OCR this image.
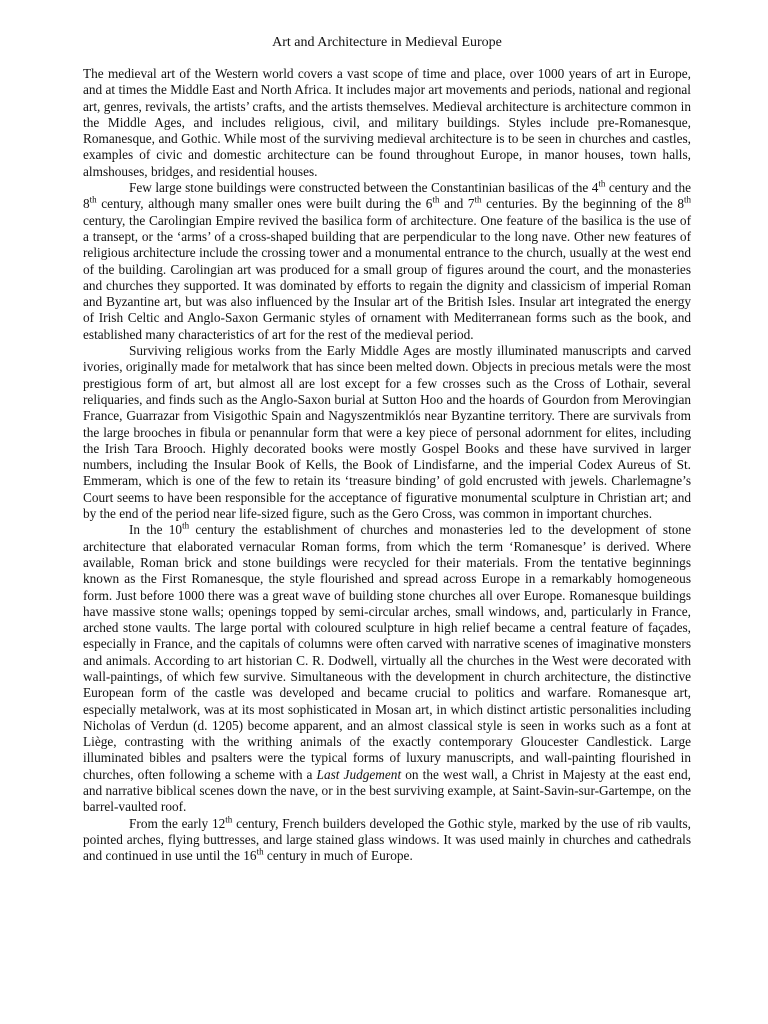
Art and Architecture in Medieval Europe

The medieval art of the Western world covers a vast scope of time and place, over 1000 years of art in Europe, and at times the Middle East and North Africa. It includes major art movements and periods, national and regional art, genres, revivals, the artists’ crafts, and the artists themselves. Medieval architecture is architecture common in the Middle Ages, and includes religious, civil, and military buildings. Styles include pre-Romanesque, Romanesque, and Gothic. While most of the surviving medieval architecture is to be seen in churches and castles, examples of civic and domestic architecture can be found throughout Europe, in manor houses, town halls, almshouses, bridges, and residential houses.

Few large stone buildings were constructed between the Constantinian basilicas of the 4th century and the 8th century, although many smaller ones were built during the 6th and 7th centuries. By the beginning of the 8th century, the Carolingian Empire revived the basilica form of architecture. One feature of the basilica is the use of a transept, or the ‘arms’ of a cross-shaped building that are perpendicular to the long nave. Other new features of religious architecture include the crossing tower and a monumental entrance to the church, usually at the west end of the building. Carolingian art was produced for a small group of figures around the court, and the monasteries and churches they supported. It was dominated by efforts to regain the dignity and classicism of imperial Roman and Byzantine art, but was also influenced by the Insular art of the British Isles. Insular art integrated the energy of Irish Celtic and Anglo-Saxon Germanic styles of ornament with Mediterranean forms such as the book, and established many characteristics of art for the rest of the medieval period.

Surviving religious works from the Early Middle Ages are mostly illuminated manuscripts and carved ivories, originally made for metalwork that has since been melted down. Objects in precious metals were the most prestigious form of art, but almost all are lost except for a few crosses such as the Cross of Lothair, several reliquaries, and finds such as the Anglo-Saxon burial at Sutton Hoo and the hoards of Gourdon from Merovingian France, Guarrazar from Visigothic Spain and Nagyszentmiklós near Byzantine territory. There are survivals from the large brooches in fibula or penannular form that were a key piece of personal adornment for elites, including the Irish Tara Brooch. Highly decorated books were mostly Gospel Books and these have survived in larger numbers, including the Insular Book of Kells, the Book of Lindisfarne, and the imperial Codex Aureus of St. Emmeram, which is one of the few to retain its ‘treasure binding’ of gold encrusted with jewels. Charlemagne’s Court seems to have been responsible for the acceptance of figurative monumental sculpture in Christian art; and by the end of the period near life-sized figure, such as the Gero Cross, was common in important churches.

In the 10th century the establishment of churches and monasteries led to the development of stone architecture that elaborated vernacular Roman forms, from which the term ‘Romanesque’ is derived. Where available, Roman brick and stone buildings were recycled for their materials. From the tentative beginnings known as the First Romanesque, the style flourished and spread across Europe in a remarkably homogeneous form. Just before 1000 there was a great wave of building stone churches all over Europe. Romanesque buildings have massive stone walls; openings topped by semi-circular arches, small windows, and, particularly in France, arched stone vaults. The large portal with coloured sculpture in high relief became a central feature of façades, especially in France, and the capitals of columns were often carved with narrative scenes of imaginative monsters and animals. According to art historian C. R. Dodwell, virtually all the churches in the West were decorated with wall-paintings, of which few survive. Simultaneous with the development in church architecture, the distinctive European form of the castle was developed and became crucial to politics and warfare. Romanesque art, especially metalwork, was at its most sophisticated in Mosan art, in which distinct artistic personalities including Nicholas of Verdun (d. 1205) become apparent, and an almost classical style is seen in works such as a font at Liège, contrasting with the writhing animals of the exactly contemporary Gloucester Candlestick. Large illuminated bibles and psalters were the typical forms of luxury manuscripts, and wall-painting flourished in churches, often following a scheme with a Last Judgement on the west wall, a Christ in Majesty at the east end, and narrative biblical scenes down the nave, or in the best surviving example, at Saint-Savin-sur-Gartempe, on the barrel-vaulted roof.

From the early 12th century, French builders developed the Gothic style, marked by the use of rib vaults, pointed arches, flying buttresses, and large stained glass windows. It was used mainly in churches and cathedrals and continued in use until the 16th century in much of Europe.
